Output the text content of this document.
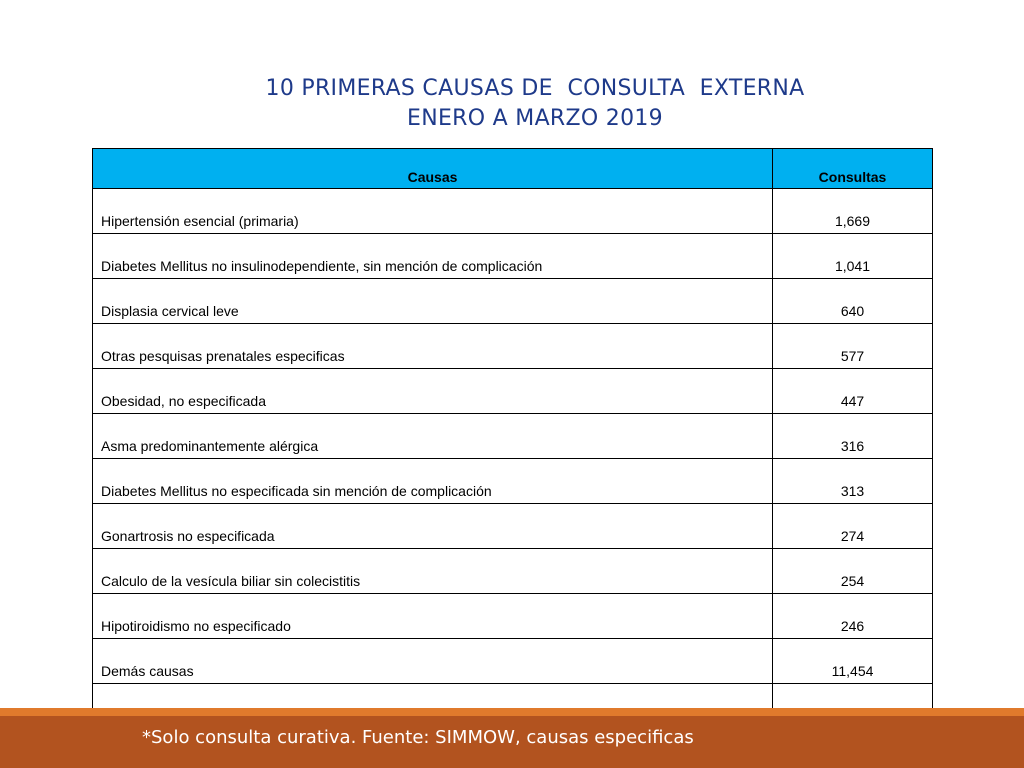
10 PRIMERAS CAUSAS DE  CONSULTA  EXTERNA
ENERO A MARZO 2019
Causas	Consultas
Hipertensión esencial (primaria)	1,669
Diabetes Mellitus no insulinodependiente, sin mención de complicación	1,041
Displasia cervical leve	640
Otras pesquisas prenatales especificas	577
Obesidad, no especificada	447
Asma predominantemente alérgica	316
Diabetes Mellitus no especificada sin mención de complicación	313
Gonartrosis no especificada	274
Calculo de la vesícula biliar sin colecistitis	254
Hipotiroidismo no especificado	246
Demás causas	11,454

*Solo consulta curativa. Fuente: SIMMOW, causas especificas
